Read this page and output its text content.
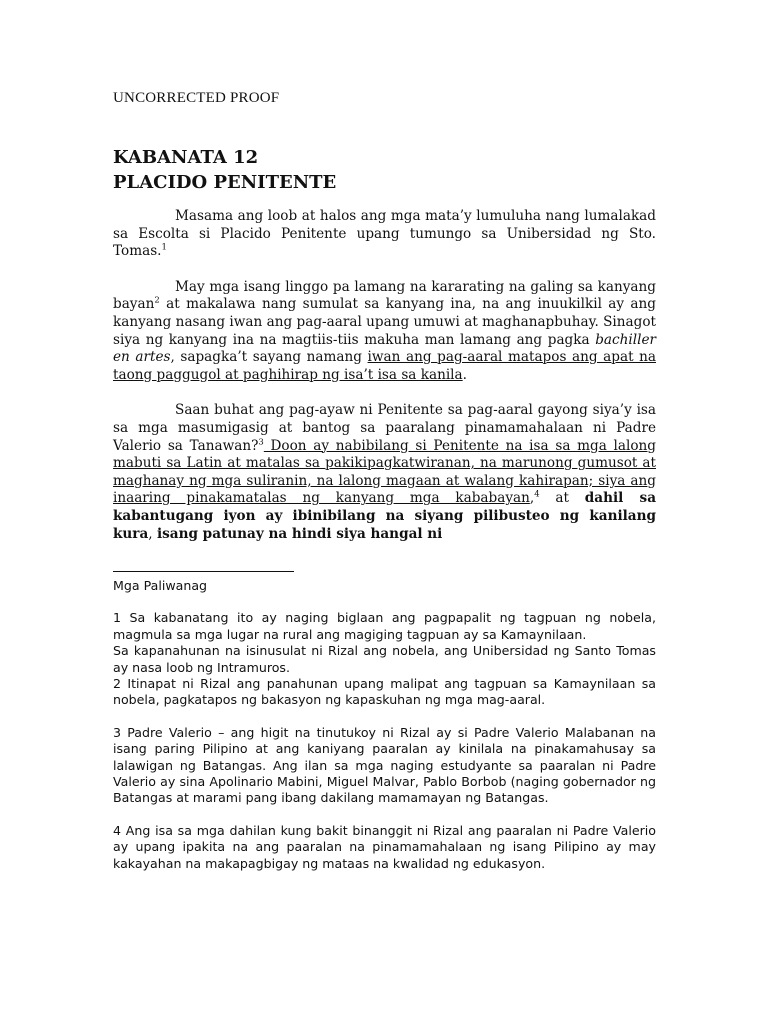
UNCORRECTED PROOF
KABANATA 12
PLACIDO PENITENTE

Masama ang loob at halos ang mga mata’y lumuluha nang lumalakad sa Escolta si Placido Penitente upang tumungo sa Unibersidad ng Sto. Tomas.$^1$

May mga isang linggo pa lamang na kararating na galing sa kanyang bayan$^2$ at makalawa nang sumulat sa kanyang ina, na ang inuukilkil ay ang kanyang nasang iwan ang pag-aaral upang umuwi at maghanapbuhay. Sinagot siya ng kanyang ina na magtiis-tiis makuha man lamang ang pagka bachiller en artes, sapagka’t sayang namang iwan ang pag-aaral matapos ang apat na taong paggugol at paghihirap ng isa’t isa sa kanila.

Saan buhat ang pag-ayaw ni Penitente sa pag-aaral gayong siya’y isa sa mga masumigasig at bantog sa paaralang pinamamahalaan ni Padre Valerio sa Tanawan?$^3$ Doon ay nabibilang si Penitente na isa sa mga lalong mabuti sa Latin at matalas sa pakikipagkatwiranan, na marunong gumusot at maghanay ng mga suliranin, na lalong magaan at walang kahirapan; siya ang inaaring pinakamatalas ng kanyang mga kababayan,$^4$ at dahil sa kabantugang iyon ay ibinibilang na siyang pilibusteo ng kanilang kura, isang patunay na hindi siya hangal ni

Mga Paliwanag

1 Sa kabanatang ito ay naging biglaan ang pagpapalit ng tagpuan ng nobela, magmula sa mga lugar na rural ang magiging tagpuan ay sa Kamaynilaan.

Sa kapanahunan na isinusulat ni Rizal ang nobela, ang Unibersidad ng Santo Tomas ay nasa loob ng Intramuros.

2 Itinapat ni Rizal ang panahunan upang malipat ang tagpuan sa Kamaynilaan sa nobela, pagkatapos ng bakasyon ng kapaskuhan ng mga mag-aaral.

3 Padre Valerio – ang higit na tinutukoy ni Rizal ay si Padre Valerio Malabanan na isang paring Pilipino at ang kaniyang paaralan ay kinilala na pinakamahusay sa lalawigan ng Batangas. Ang ilan sa mga naging estudyante sa paaralan ni Padre Valerio ay sina Apolinario Mabini, Miguel Malvar, Pablo Borbob (naging gobernador ng Batangas at marami pang ibang dakilang mamamayan ng Batangas.

4 Ang isa sa mga dahilan kung bakit binanggit ni Rizal ang paaralan ni Padre Valerio ay upang ipakita na ang paaralan na pinamamahalaan ng isang Pilipino ay may kakayahan na makapagbigay ng mataas na kwalidad ng edukasyon.
